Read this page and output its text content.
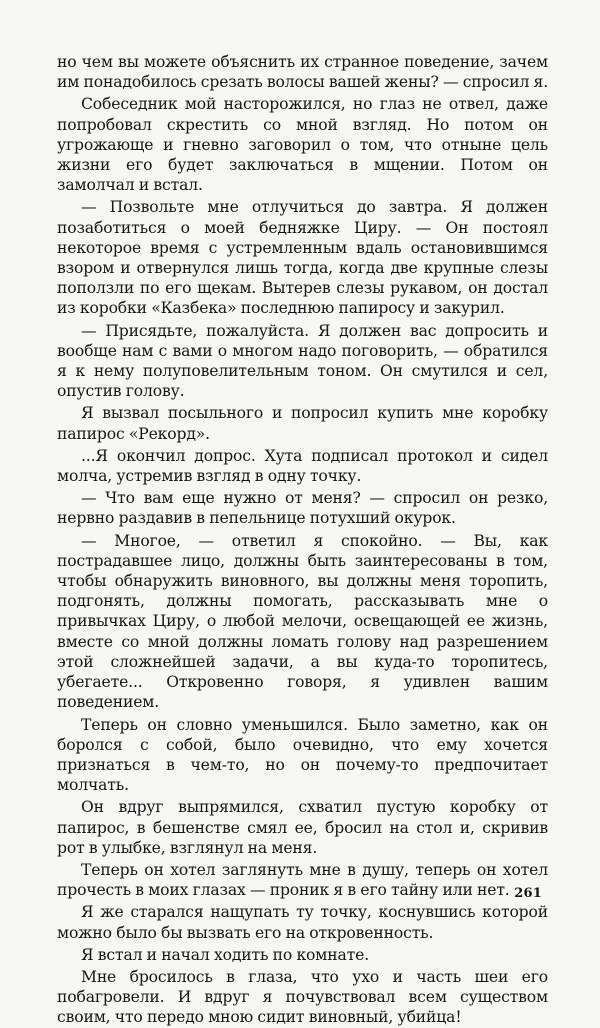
но чем вы можете объяснить их странное поведение, зачем им понадобилось срезать волосы вашей жены? — спросил я.

Собеседник мой насторожился, но глаз не отвел, даже попробовал скрестить со мной взгляд. Но потом он угрожающе и гневно заговорил о том, что отныне цель жизни его будет заключаться в мщении. Потом он замолчал и встал.

— Позвольте мне отлучиться до завтра. Я должен позаботиться о моей бедняжке Циру. — Он постоял некоторое время с устремленным вдаль остановившимся взором и отвернулся лишь тогда, когда две крупные слезы поползли по его щекам. Вытерев слезы рукавом, он достал из коробки «Казбека» последнюю папиросу и закурил.

— Присядьте, пожалуйста. Я должен вас допросить и вообще нам с вами о многом надо поговорить, — обратился я к нему полуповелительным тоном. Он смутился и сел, опустив голову.

Я вызвал посыльного и попросил купить мне коробку папирос «Рекорд».

...Я окончил допрос. Хута подписал протокол и сидел молча, устремив взгляд в одну точку.

— Что вам еще нужно от меня? — спросил он резко, нервно раздавив в пепельнице потухший окурок.

— Многое, — ответил я спокойно. — Вы, как пострадавшее лицо, должны быть заинтересованы в том, чтобы обнаружить виновного, вы должны меня торопить, подгонять, должны помогать, рассказывать мне о привычках Циру, о любой мелочи, освещающей ее жизнь, вместе со мной должны ломать голову над разрешением этой сложнейшей задачи, а вы куда-то торопитесь, убегаете... Откровенно говоря, я удивлен вашим поведением.

Теперь он словно уменьшился. Было заметно, как он боролся с собой, было очевидно, что ему хочется признаться в чем-то, но он почему-то предпочитает молчать.

Он вдруг выпрямился, схватил пустую коробку от папирос, в бешенстве смял ее, бросил на стол и, скривив рот в улыбке, взглянул на меня.

Теперь он хотел заглянуть мне в душу, теперь он хотел прочесть в моих глазах — проник я в его тайну или нет.

Я же старался нащупать ту точку, коснувшись которой можно было бы вызвать его на откровенность.

Я встал и начал ходить по комнате.

Мне бросилось в глаза, что ухо и часть шеи его побагровели. И вдруг я почувствовал всем существом своим, что передо мною сидит виновный, убийца!

261
